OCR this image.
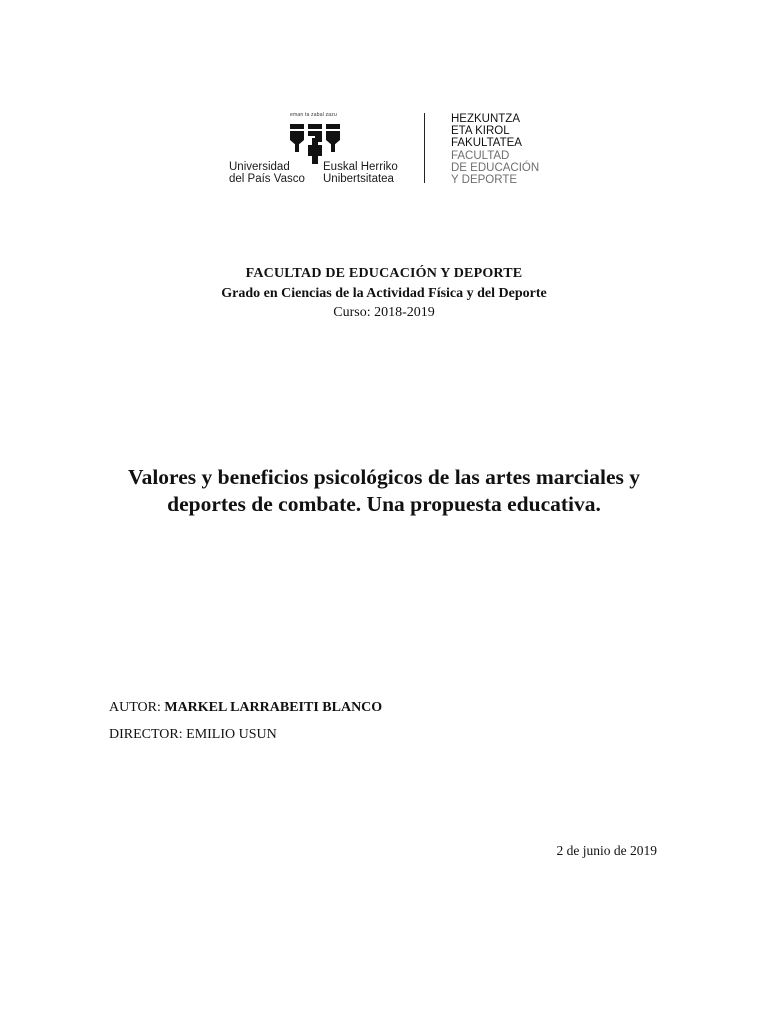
eman ta zabal zazu
Universidad
del País Vasco
Euskal Herriko
Unibertsitatea
HEZKUNTZA
ETA KIROL
FAKULTATEA
FACULTAD
DE EDUCACIÓN
Y DEPORTE
FACULTAD DE EDUCACIÓN Y DEPORTE
Grado en Ciencias de la Actividad Física y del Deporte
Curso: 2018-2019
Valores y beneficios psicológicos de las artes marciales y deportes de combate. Una propuesta educativa.
AUTOR: MARKEL LARRABEITI BLANCO
DIRECTOR: EMILIO USUN
2 de junio de 2019
